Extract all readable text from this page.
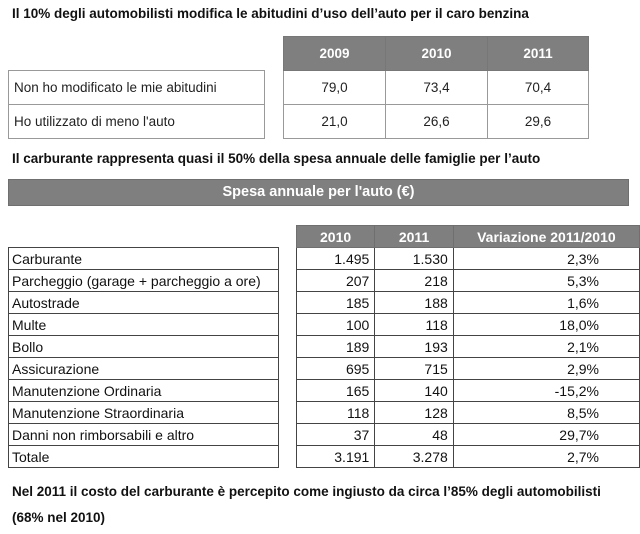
Il 10% degli automobilisti modifica le abitudini d’uso dell’auto per il caro benzina
		2009	2010	2011
Non ho modificato le mie abitudini		79,0	73,4	70,4
Ho utilizzato di meno l'auto		21,0	26,6	29,6
Il carburante rappresenta quasi il 50% della spesa annuale delle famiglie per l’auto
Spesa annuale per l'auto (€)
		2010	2011	Variazione 2011/2010
Carburante		1.495	1.530	2,3%
Parcheggio (garage + parcheggio a ore)		207	218	5,3%
Autostrade		185	188	1,6%
Multe		100	118	18,0%
Bollo		189	193	2,1%
Assicurazione		695	715	2,9%
Manutenzione Ordinaria		165	140	-15,2%
Manutenzione Straordinaria		118	128	8,5%
Danni non rimborsabili e altro		37	48	29,7%
Totale		3.191	3.278	2,7%
Nel 2011 il costo del carburante è percepito come ingiusto da circa l’85% degli automobilisti
(68% nel 2010)
